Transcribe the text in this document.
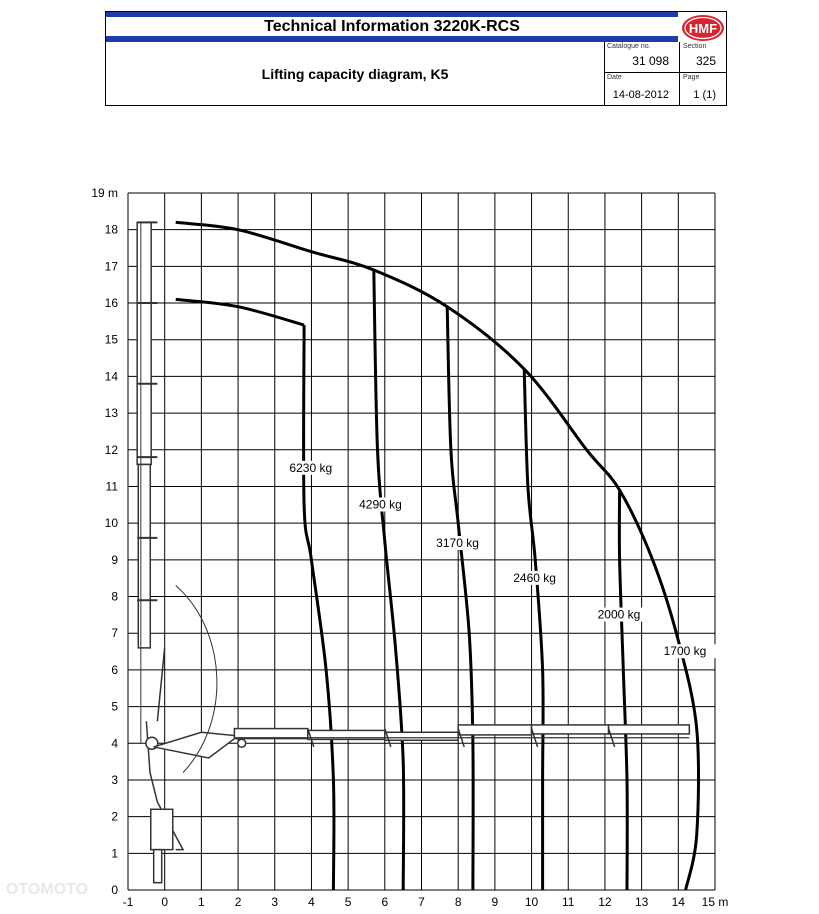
Technical Information 3220K-RCS	HMF
Lifting capacity diagram, K5
Catalogue no.
31 098
Section
325
Date
14-08-2012
Page
1 (1)
-1 0	1	2	3	4	5	6	7	8	9 10 11 12 13 14 15 m
0
1
2
3
4
5
6
7
8
9
10
11
12
13
14
15
16
17
18
19 m
6230 kg
4290 kg
3170 kg
2460 kg
2000 kg
1700 kg
OTOMOTO
